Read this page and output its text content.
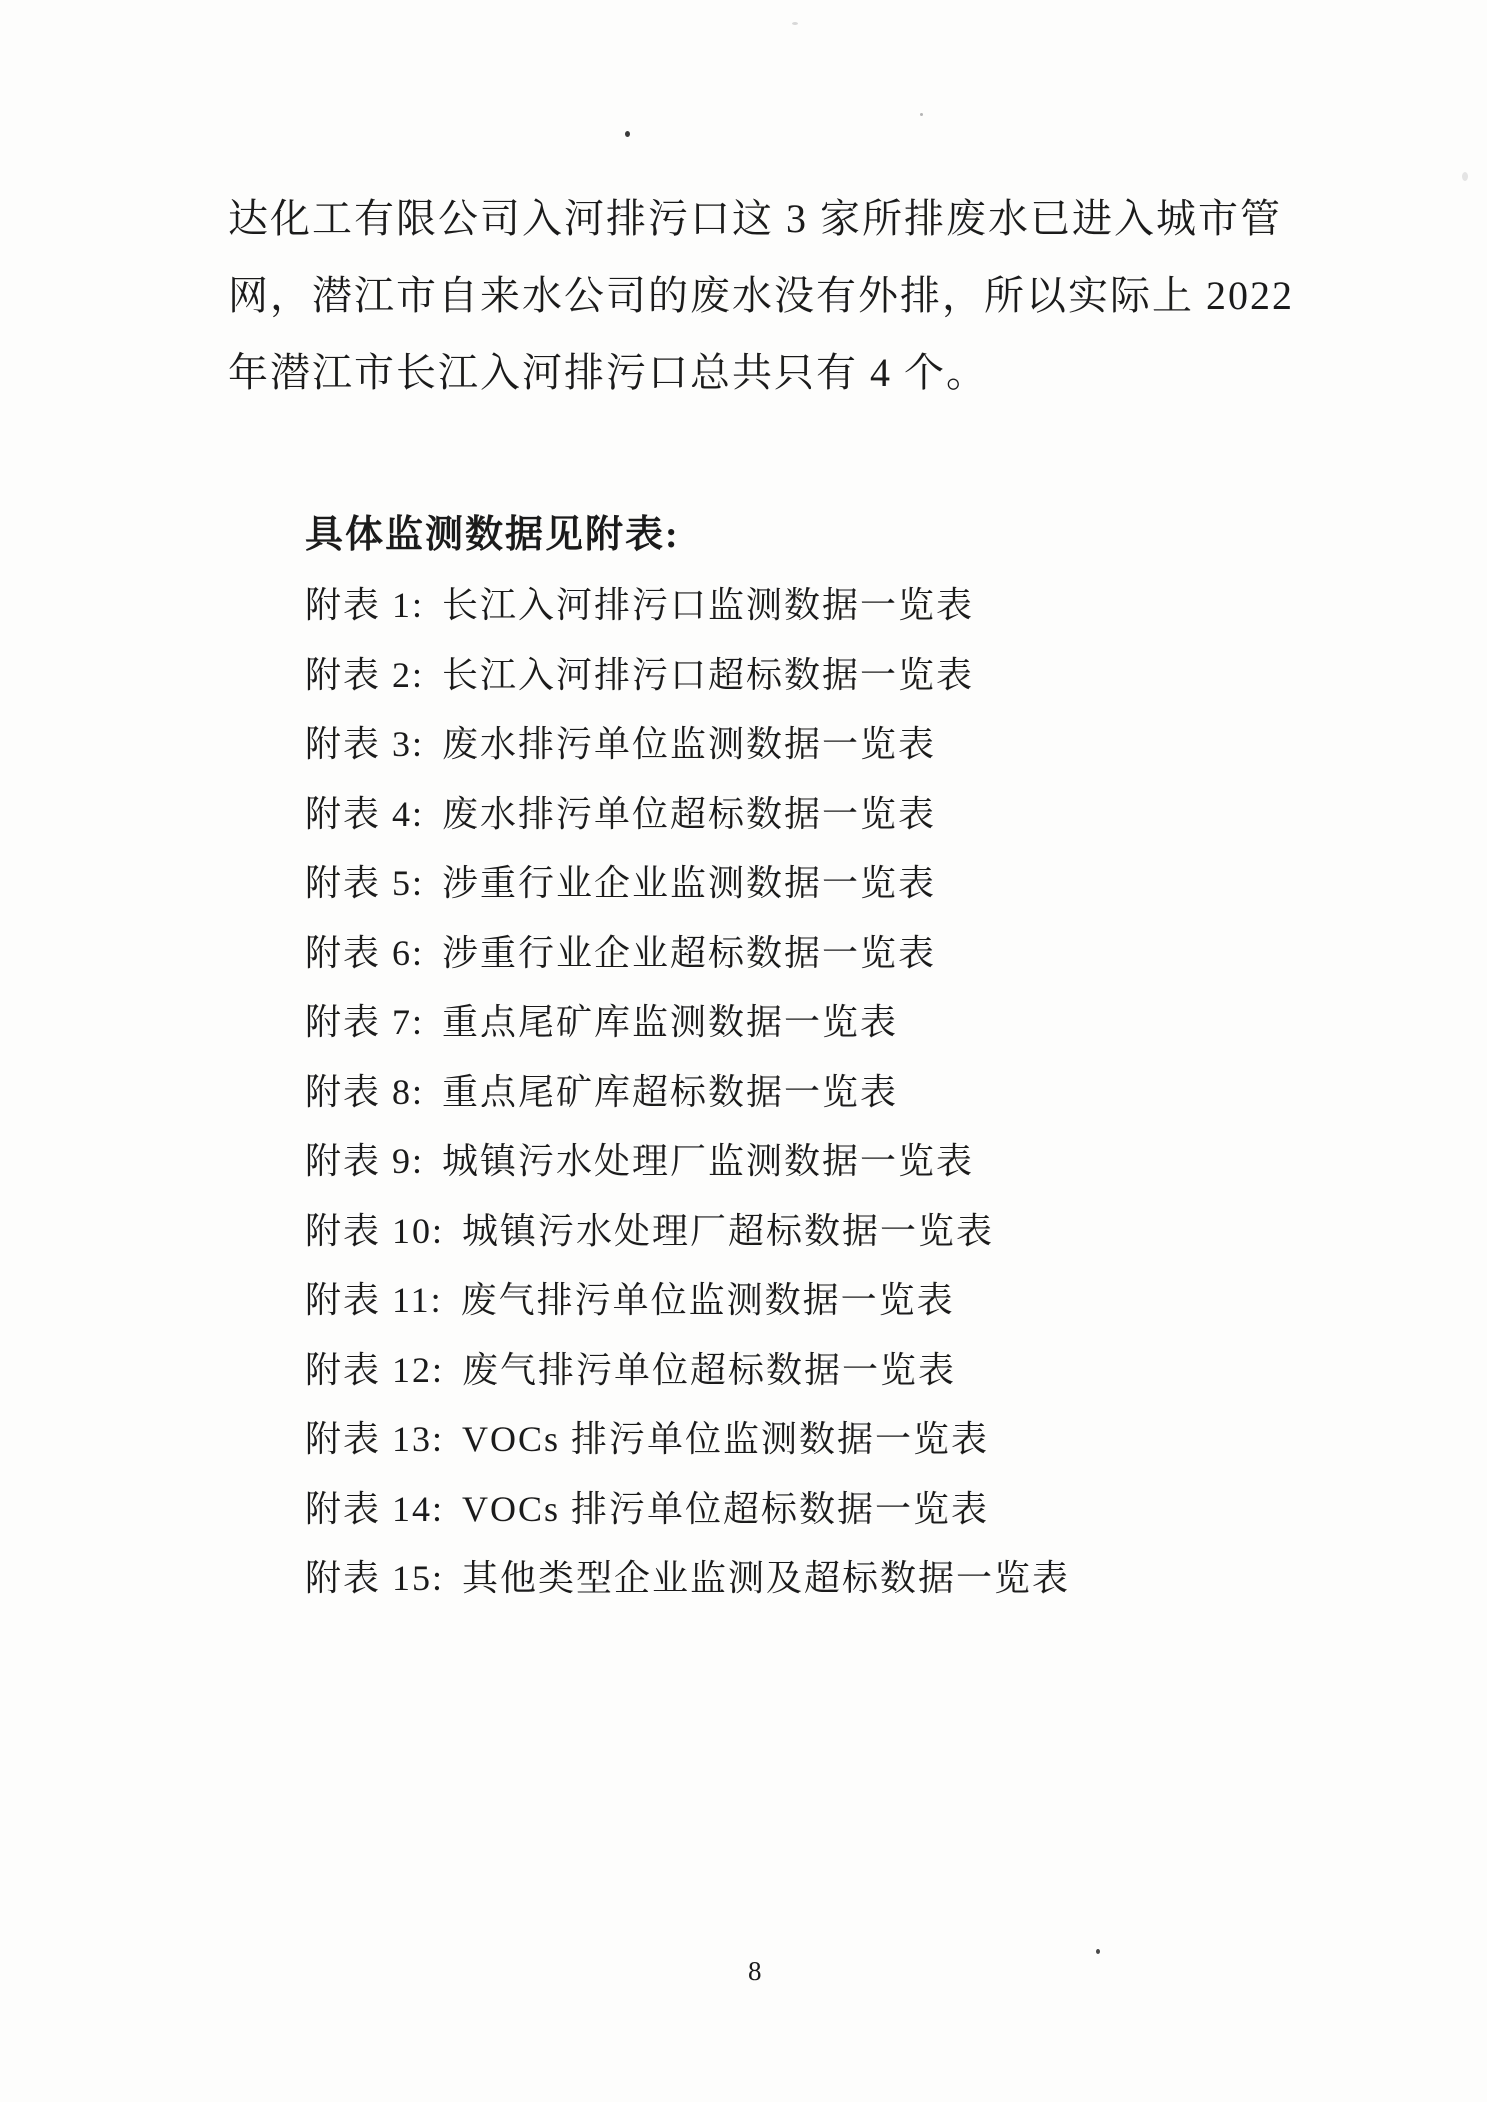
达化工有限公司入河排污口这 3 家所排废水已进入城市管
网，潜江市自来水公司的废水没有外排，所以实际上 2022
年潜江市长江入河排污口总共只有 4 个。
具体监测数据见附表:
附表 1: 长江入河排污口监测数据一览表
附表 2: 长江入河排污口超标数据一览表
附表 3: 废水排污单位监测数据一览表
附表 4: 废水排污单位超标数据一览表
附表 5: 涉重行业企业监测数据一览表
附表 6: 涉重行业企业超标数据一览表
附表 7: 重点尾矿库监测数据一览表
附表 8: 重点尾矿库超标数据一览表
附表 9: 城镇污水处理厂监测数据一览表
附表 10: 城镇污水处理厂超标数据一览表
附表 11: 废气排污单位监测数据一览表
附表 12: 废气排污单位超标数据一览表
附表 13: VOCs 排污单位监测数据一览表
附表 14: VOCs 排污单位超标数据一览表
附表 15: 其他类型企业监测及超标数据一览表
8
